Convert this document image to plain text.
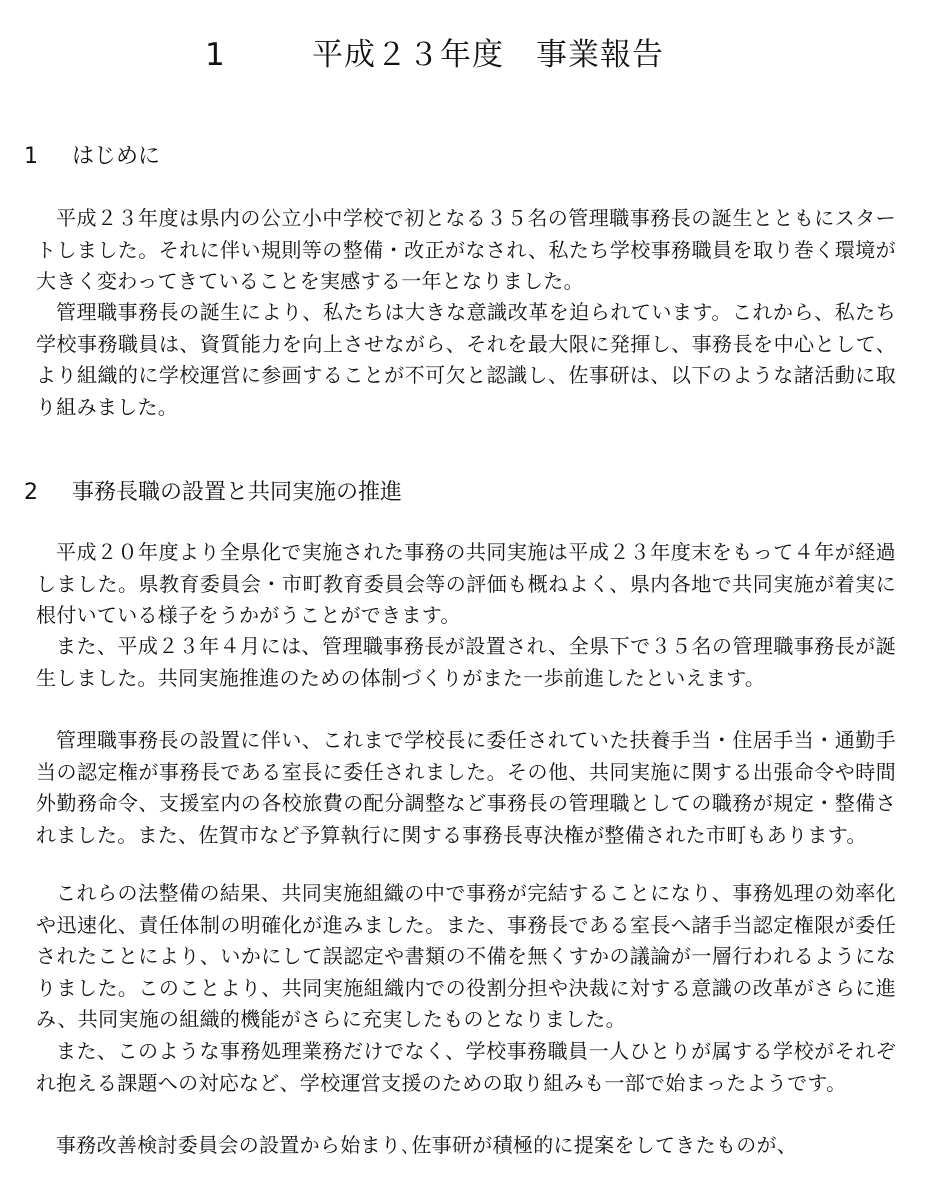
1	平成２３年度　事業報告
1 はじめに

平成２３年度は県内の公立小中学校で初となる３５名の管理職事務長の誕生とともにスタートしました。それに伴い規則等の整備・改正がなされ、私たち学校事務職員を取り巻く環境が大きく変わってきていることを実感する一年となりました。

管理職事務長の誕生により、私たちは大きな意識改革を迫られています。これから、私たち学校事務職員は、資質能力を向上させながら、それを最大限に発揮し、事務長を中心として、より組織的に学校運営に参画することが不可欠と認識し、佐事研は、以下のような諸活動に取り組みました。

2 事務長職の設置と共同実施の推進

平成２０年度より全県化で実施された事務の共同実施は平成２３年度末をもって４年が経過しました。県教育委員会・市町教育委員会等の評価も概ねよく、県内各地で共同実施が着実に根付いている様子をうかがうことができます。

また、平成２３年４月には、管理職事務長が設置され、全県下で３５名の管理職事務長が誕生しました。共同実施推進のための体制づくりがまた一歩前進したといえます。

管理職事務長の設置に伴い、これまで学校長に委任されていた扶養手当・住居手当・通勤手当の認定権が事務長である室長に委任されました。その他、共同実施に関する出張命令や時間外勤務命令、支援室内の各校旅費の配分調整など事務長の管理職としての職務が規定・整備されました。また、佐賀市など予算執行に関する事務長専決権が整備された市町もあります。

これらの法整備の結果、共同実施組織の中で事務が完結することになり、事務処理の効率化や迅速化、責任体制の明確化が進みました。また、事務長である室長へ諸手当認定権限が委任されたことにより、いかにして誤認定や書類の不備を無くすかの議論が一層行われるようになりました。このことより、共同実施組織内での役割分担や決裁に対する意識の改革がさらに進み、共同実施の組織的機能がさらに充実したものとなりました。

また、このような事務処理業務だけでなく、学校事務職員一人ひとりが属する学校がそれぞれ抱える課題への対応など、学校運営支援のための取り組みも一部で始まったようです。

事務改善検討委員会の設置から始まり､佐事研が積極的に提案をしてきたものが、
